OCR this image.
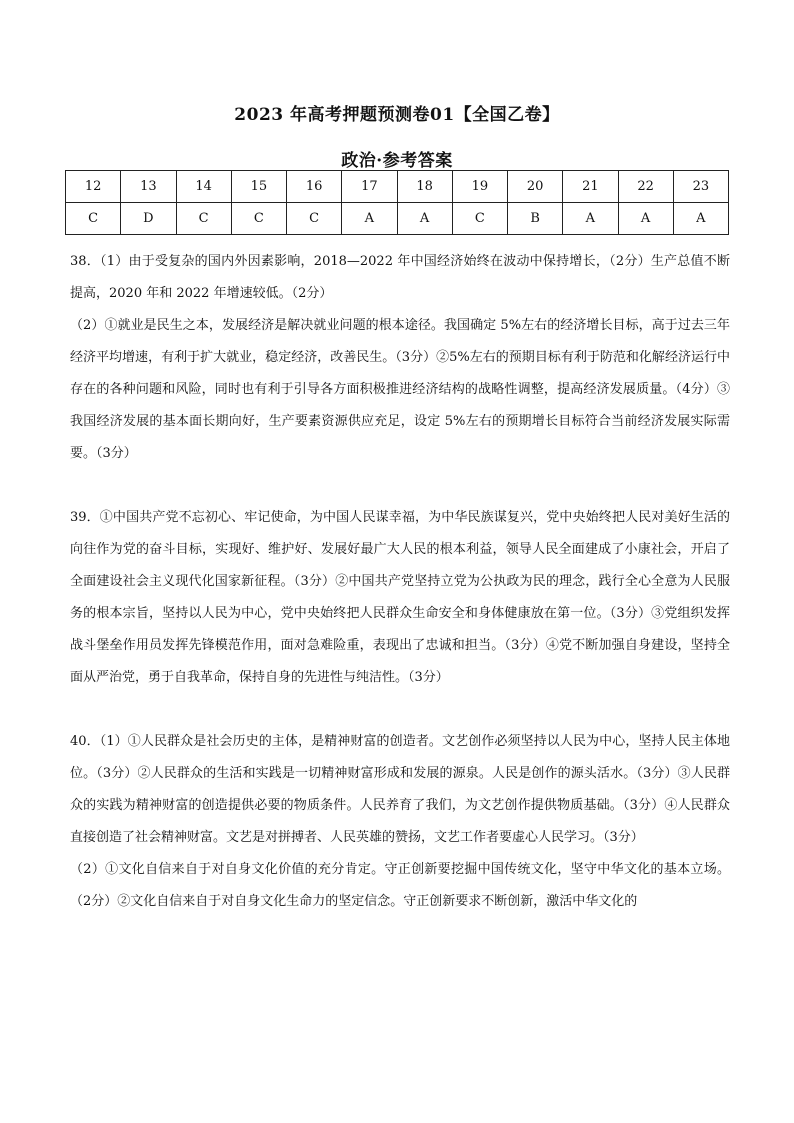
2023 年高考押题预测卷01【全国乙卷】
政治·参考答案
12	13	14	15	16	17	18	19	20	21	22	23
C	D	C	C	C	A	A	C	B	A	A	A

38．（1）由于受复杂的国内外因素影响，2018—2022 年中国经济始终在波动中保持增长，（2分）生产总值不断提高，2020 年和 2022 年增速较低。（2分）

（2）①就业是民生之本，发展经济是解决就业问题的根本途径。我国确定 5%左右的经济增长目标，高于过去三年经济平均增速，有利于扩大就业，稳定经济，改善民生。（3分）②5%左右的预期目标有利于防范和化解经济运行中存在的各种问题和风险，同时也有利于引导各方面积极推进经济结构的战略性调整，提高经济发展质量。（4分）③我国经济发展的基本面长期向好，生产要素资源供应充足，设定 5%左右的预期增长目标符合当前经济发展实际需要。（3分）

39．①中国共产党不忘初心、牢记使命，为中国人民谋幸福，为中华民族谋复兴，党中央始终把人民对美好生活的向往作为党的奋斗目标，实现好、维护好、发展好最广大人民的根本利益，领导人民全面建成了小康社会，开启了全面建设社会主义现代化国家新征程。（3分）②中国共产党坚持立党为公执政为民的理念，践行全心全意为人民服务的根本宗旨，坚持以人民为中心，党中央始终把人民群众生命安全和身体健康放在第一位。（3分）③党组织发挥战斗堡垒作用员发挥先锋模范作用，面对急难险重，表现出了忠诚和担当。（3分）④党不断加强自身建设，坚持全面从严治党，勇于自我革命，保持自身的先进性与纯洁性。（3分）

40．（1）①人民群众是社会历史的主体，是精神财富的创造者。文艺创作必须坚持以人民为中心，坚持人民主体地位。（3分）②人民群众的生活和实践是一切精神财富形成和发展的源泉。人民是创作的源头活水。（3分）③人民群众的实践为精神财富的创造提供必要的物质条件。人民养育了我们，为文艺创作提供物质基础。（3分）④人民群众直接创造了社会精神财富。文艺是对拼搏者、人民英雄的赞扬，文艺工作者要虚心人民学习。（3分）

（2）①文化自信来自于对自身文化价值的充分肯定。守正创新要挖掘中国传统文化，坚守中华文化的基本立场。（2分）②文化自信来自于对自身文化生命力的坚定信念。守正创新要求不断创新，激活中华文化的
